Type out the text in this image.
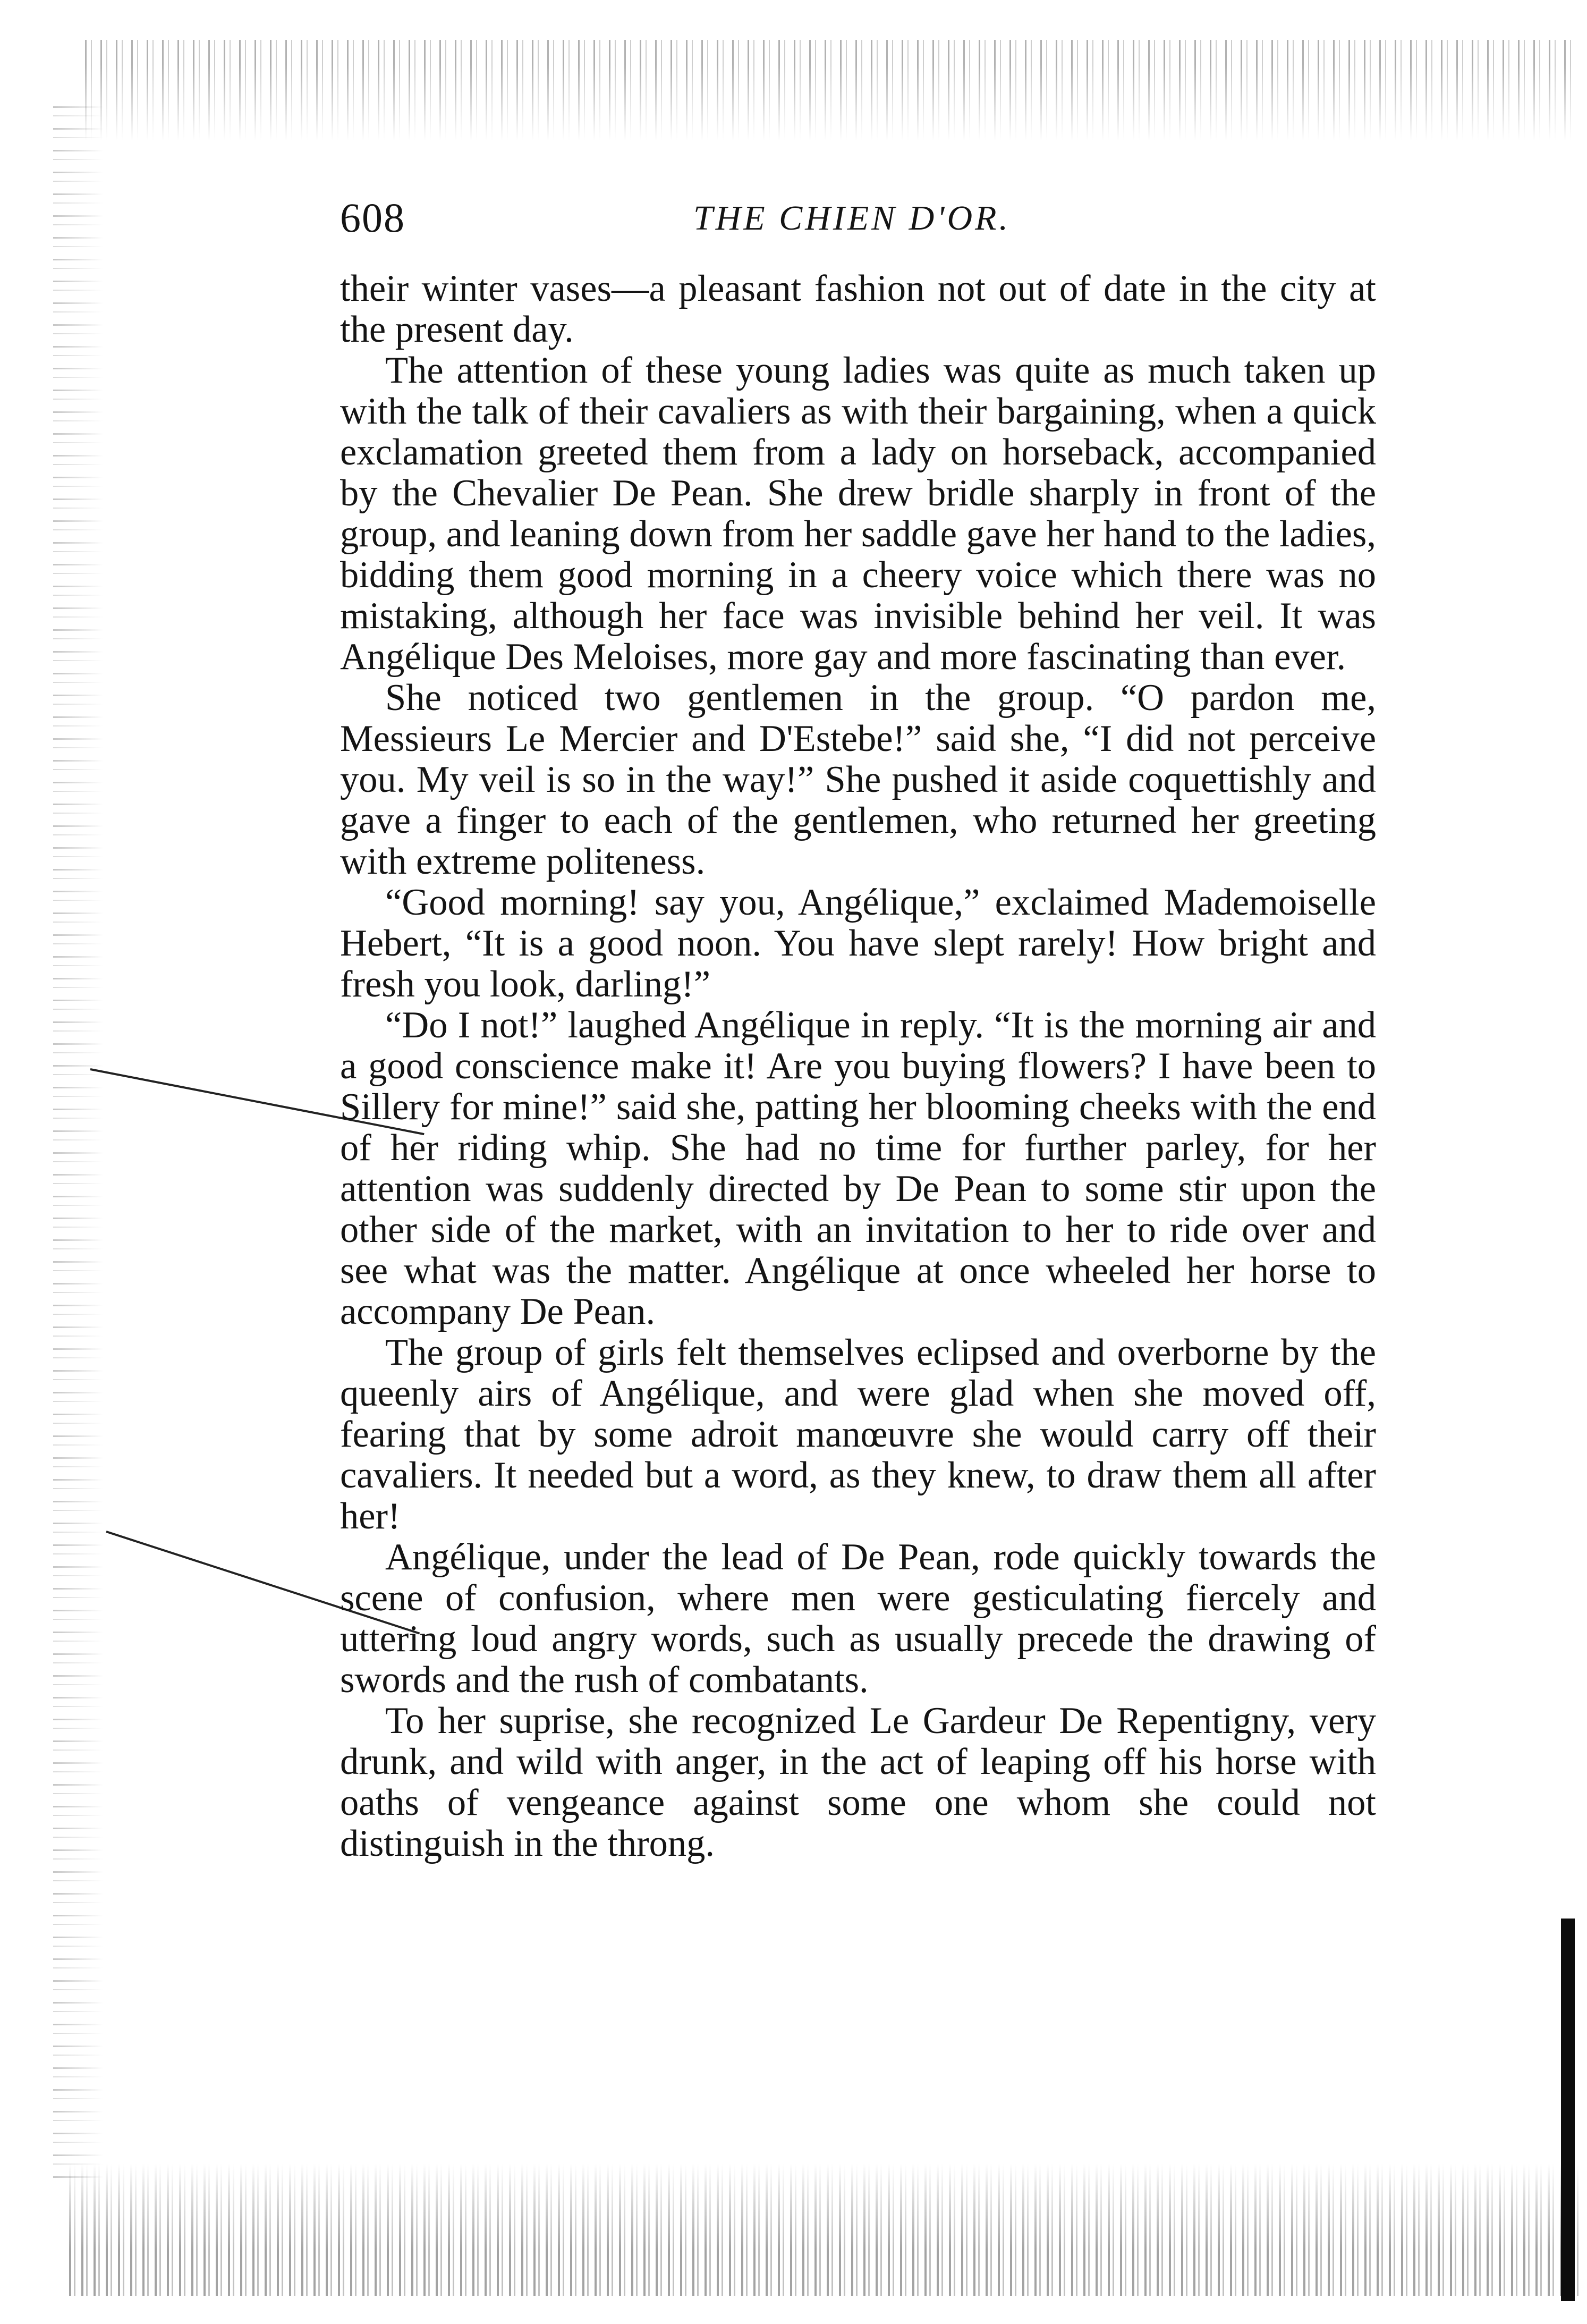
608	THE CHIEN D'OR.

their winter vases—a pleasant fashion not out of date in the city at the present day.

The attention of these young ladies was quite as much taken up with the talk of their cavaliers as with their bargaining, when a quick exclamation greeted them from a lady on horseback, accompanied by the Chevalier De Pean. She drew bridle sharply in front of the group, and leaning down from her saddle gave her hand to the ladies, bidding them good morning in a cheery voice which there was no mistaking, although her face was invisible behind her veil. It was Angélique Des Meloises, more gay and more fascinating than ever.

She noticed two gentlemen in the group. “O pardon me, Messieurs Le Mercier and D'Estebe!” said she, “I did not perceive you. My veil is so in the way!” She pushed it aside coquettishly and gave a finger to each of the gentlemen, who returned her greeting with extreme politeness.

“Good morning! say you, Angélique,” exclaimed Mademoiselle Hebert, “It is a good noon. You have slept rarely! How bright and fresh you look, darling!”

“Do I not!” laughed Angélique in reply. “It is the morning air and a good conscience make it! Are you buying flowers? I have been to Sillery for mine!” said she, patting her blooming cheeks with the end of her riding whip. She had no time for further parley, for her attention was suddenly directed by De Pean to some stir upon the other side of the market, with an invitation to her to ride over and see what was the matter. Angélique at once wheeled her horse to accompany De Pean.

The group of girls felt themselves eclipsed and overborne by the queenly airs of Angélique, and were glad when she moved off, fearing that by some adroit manœuvre she would carry off their cavaliers. It needed but a word, as they knew, to draw them all after her!

Angélique, under the lead of De Pean, rode quickly towards the scene of confusion, where men were gesticulating fiercely and uttering loud angry words, such as usually precede the drawing of swords and the rush of combatants.

To her suprise, she recognized Le Gardeur De Repentigny, very drunk, and wild with anger, in the act of leaping off his horse with oaths of vengeance against some one whom she could not distinguish in the throng.
